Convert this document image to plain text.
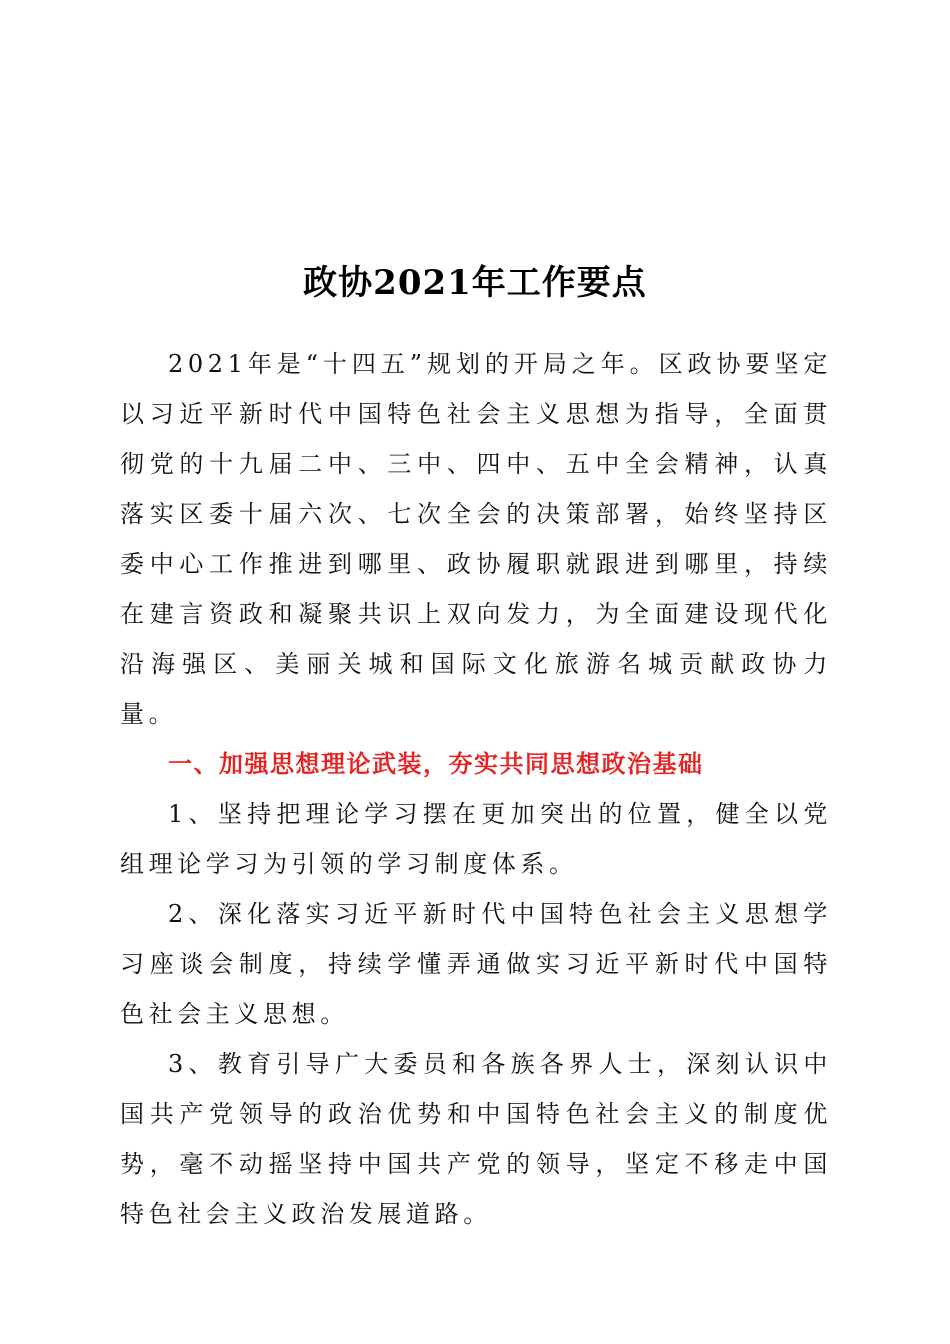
政协2021年工作要点

2021年是“十四五”规划的开局之年。区政协要坚定以习近平新时代中国特色社会主义思想为指导，全面贯彻党的十九届二中、三中、四中、五中全会精神，认真落实区委十届六次、七次全会的决策部署，始终坚持区委中心工作推进到哪里、政协履职就跟进到哪里，持续在建言资政和凝聚共识上双向发力，为全面建设现代化沿海强区、美丽关城和国际文化旅游名城贡献政协力量。

一、加强思想理论武装，夯实共同思想政治基础

1、坚持把理论学习摆在更加突出的位置，健全以党组理论学习为引领的学习制度体系。

2、深化落实习近平新时代中国特色社会主义思想学习座谈会制度，持续学懂弄通做实习近平新时代中国特色社会主义思想。

3、教育引导广大委员和各族各界人士，深刻认识中国共产党领导的政治优势和中国特色社会主义的制度优势，毫不动摇坚持中国共产党的领导，坚定不移走中国特色社会主义政治发展道路。
